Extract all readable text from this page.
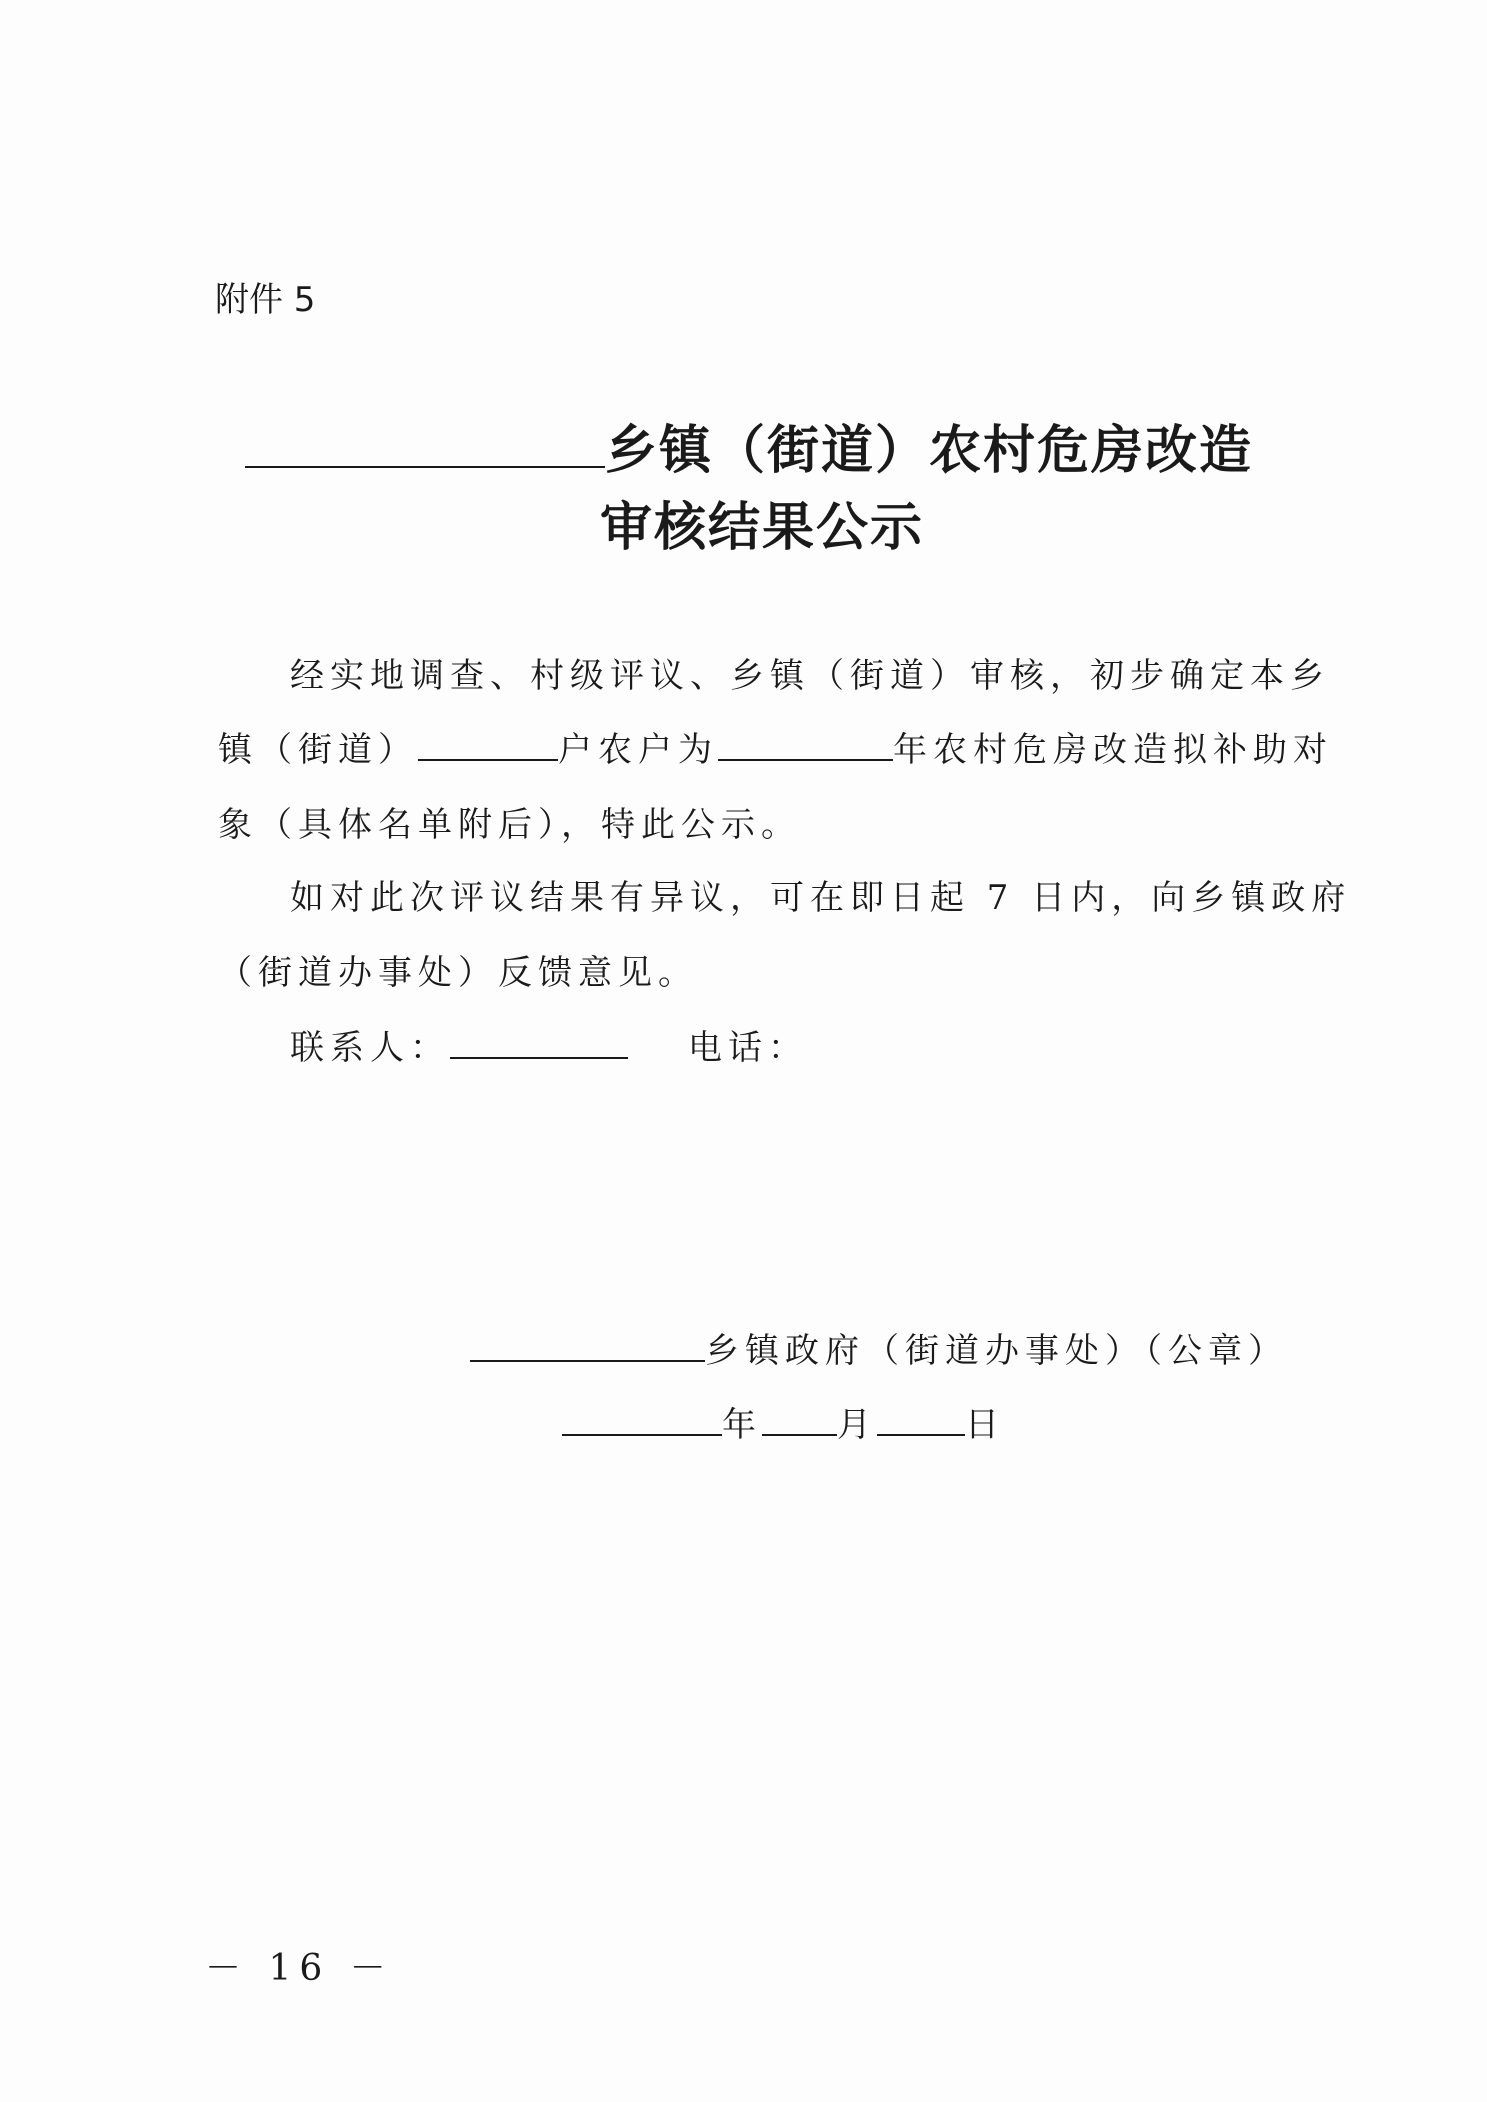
附件 5
乡镇（街道）农村危房改造
审核结果公示
经实地调查、村级评议、乡镇（街道）审核，初步确定本乡
镇（街道）	户农户为	年农村危房改造拟补助对
象（具体名单附后），特此公示。
如对此次评议结果有异议，可在即日起 7 日内，向乡镇政府
（街道办事处）反馈意见。
联系人：	电话：
乡镇政府（街道办事处）（公章）
年 月	日
－ 16 －
